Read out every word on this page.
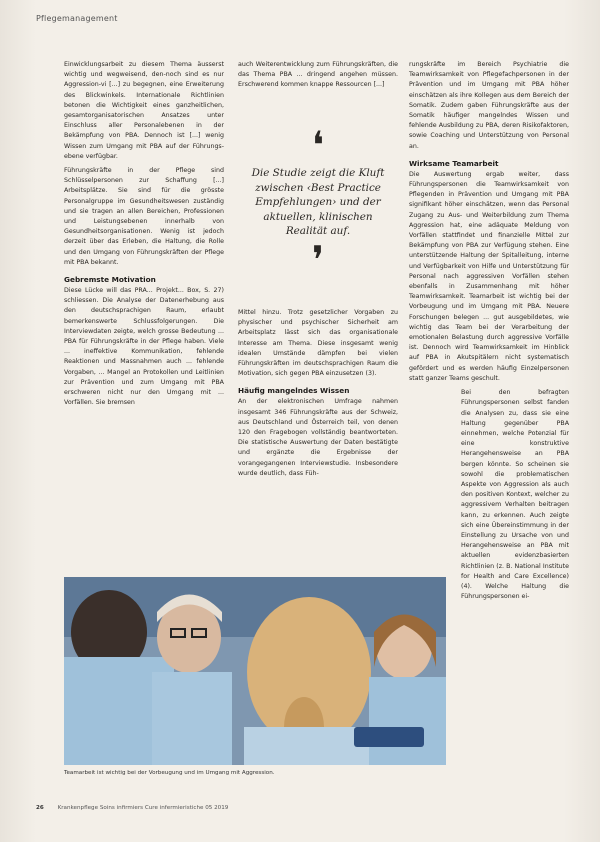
Pflegemanagement

Einwicklungsarbeit zu diesem Thema äusserst wichtig und wegweisend, den-noch sind es nur Aggression-vi [...] zu begegnen, eine Erweiterung des Blickwinkels. Internationale Richtlinien betonen die Wichtigkeit eines ganzheitlichen, gesamtorganisatorischen Ansatzes unter Einschluss aller Personalebenen in der Bekämpfung von PBA. Dennoch ist [...] wenig Wissen zum Umgang mit PBA auf der Führungs-ebene verfügbar.

Führungskräfte in der Pflege sind Schlüsselpersonen zur Schaffung [...] Arbeitsplätze. Sie sind für die grösste Personalgruppe im Gesundheitswesen zuständig und sie tragen an allen Bereichen, Professionen und Leistungsebenen innerhalb von Gesundheitsorganisationen. Wenig ist jedoch derzeit über das Erleben, die Haltung, die Rolle und den Umgang von Führungskräften der Pflege mit PBA bekannt.

Gebremste Motivation

Diese Lücke will das PRA... Projekt... Box, S. 27) schliessen. Die Analyse der Datenerhebung aus den deutschsprachigen Raum, erlaubt bemerkenswerte Schlussfolgerungen. Die Interviewdaten zeigte, welch grosse Bedeutung ... PBA für Führungskräfte in der Pflege haben. Viele ... ineffektive Kommunikation, fehlende Reaktionen und Massnahmen auch ... fehlende Vorgaben, ... Mangel an Protokollen und Leitlinien zur Prävention und zum Umgang mit PBA erschweren nicht nur den Umgang mit ... Vorfällen. Sie bremsen

auch Weiterentwicklung zum Führungskräften, die das Thema PBA ... dringend angehen müssen. Erschwerend kommen knappe Ressourcen [...]

❛
Die Studie zeigt die Kluft zwischen ‹Best Practice Empfehlungen› und der aktuellen, klinischen Realität auf.
❜

Mittel hinzu. Trotz gesetzlicher Vorgaben zu physischer und psychischer Sicherheit am Arbeitsplatz lässt sich das organisationale Interesse am Thema. Diese insgesamt wenig idealen Umstände dämpfen bei vielen Führungskräften im deutschsprachigen Raum die Motivation, sich gegen PBA einzusetzen (3).

Häufig mangelndes Wissen

An der elektronischen Umfrage nahmen insgesamt 346 Führungskräfte aus der Schweiz, aus Deutschland und Österreich teil, von denen 120 den Fragebogen vollständig beantworteten. Die statistische Auswertung der Daten bestätigte und ergänzte die Ergebnisse der vorangegangenen Interviewstudie. Insbesondere wurde deutlich, dass Füh-

rungskräfte im Bereich Psychiatrie die Teamwirksamkeit von Pflegefachpersonen in der Prävention und im Umgang mit PBA höher einschätzen als ihre Kollegen aus dem Bereich der Somatik. Zudem gaben Führungskräfte aus der Somatik häufiger mangelndes Wissen und fehlende Ausbildung zu PBA, deren Risikofaktoren, sowie Coaching und Unterstützung von Personal an.

Wirksame Teamarbeit

Die Auswertung ergab weiter, dass Führungspersonen die Teamwirksamkeit von Pflegenden in Prävention und Umgang mit PBA signifikant höher einschätzen, wenn das Personal Zugang zu Aus- und Weiterbildung zum Thema Aggression hat, eine adäquate Meldung von Vorfällen stattfindet und finanzielle Mittel zur Bekämpfung von PBA zur Verfügung stehen. Eine unterstützende Haltung der Spitalleitung, interne und Verfügbarkeit von Hilfe und Unterstützung für Personal nach aggressiven Vorfällen stehen ebenfalls in Zusammenhang mit höher Teamwirksamkeit. Teamarbeit ist wichtig bei der Vorbeugung und im Umgang mit PBA. Neuere Forschungen belegen ... gut ausgebildetes, wie wichtig das Team bei der Verarbeitung der emotionalen Belastung durch aggressive Vorfälle ist. Dennoch wird Teamwirksamkeit im Hinblick auf PBA in Akutspitälern nicht systematisch gefördert und es werden häufig Einzelpersonen statt ganzer Teams geschult.

Bei den befragten Führungspersonen selbst fanden die Analysen zu, dass sie eine Haltung gegenüber PBA einnehmen, welche Potenzial für eine konstruktive Herangehensweise an PBA bergen könnte. So scheinen sie sowohl die problematischen Aspekte von Aggression als auch den positiven Kontext, welcher zu aggressivem Verhalten beitragen kann, zu erkennen. Auch zeigte sich eine Übereinstimmung in der Einstellung zu Ursache von und Herangehensweise an PBA mit aktuellen evidenzbasierten Richtlinien (z. B. National Institute for Health and Care Excellence) (4). Welche Haltung die Führungspersonen ei-

Teamarbeit ist wichtig bei der Vorbeugung und im Umgang mit Aggression.
26 Krankenpflege Soins infirmiers Cure infermieristiche 05 2019
